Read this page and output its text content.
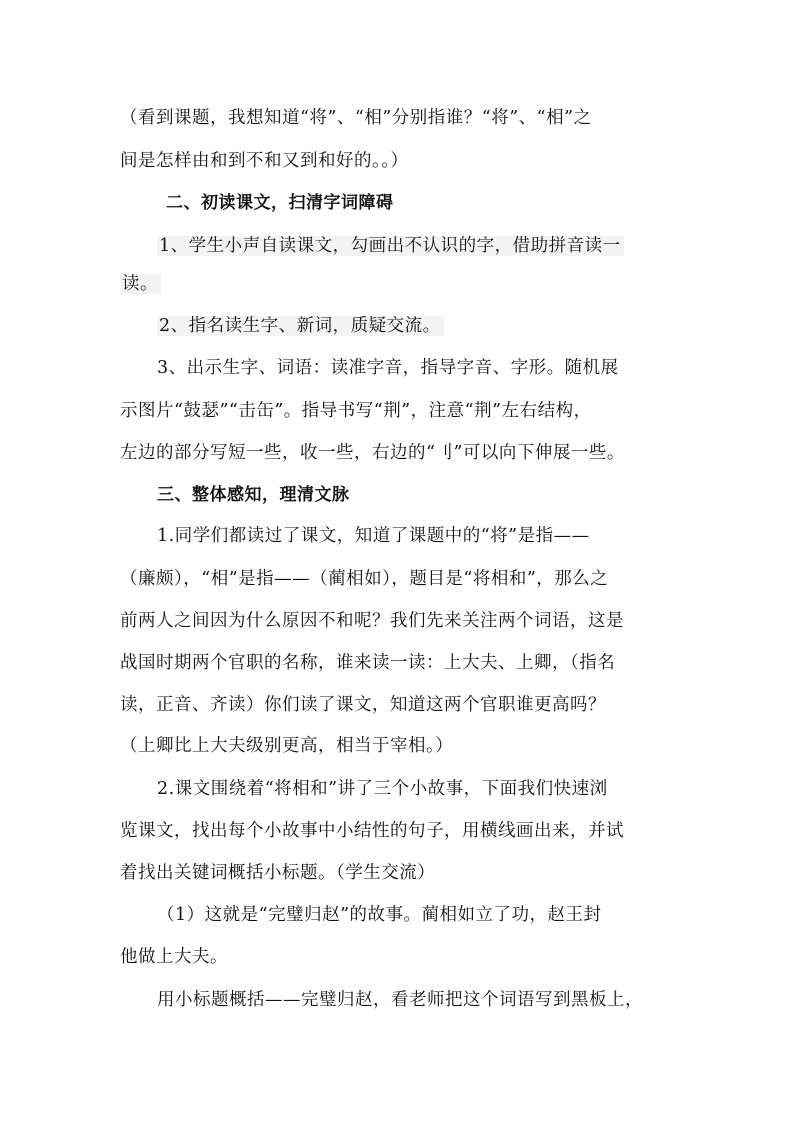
（看到课题，我想知道“将”、“相”分别指谁？“将”、“相”之
间是怎样由和到不和又到和好的。。）
二、初读课文，扫清字词障碍
1、学生小声自读课文，勾画出不认识的字，借助拼音读一
读。
2、指名读生字、新词，质疑交流。
3、出示生字、词语：读准字音，指导字音、字形。随机展
示图片“鼓瑟”“击缶”。指导书写“荆”，注意“荆”左右结构，
左边的部分写短一些，收一些，右边的“刂”可以向下伸展一些。
三、整体感知，理清文脉
1.同学们都读过了课文，知道了课题中的“将”是指——
（廉颇），“相”是指——（蔺相如），题目是“将相和”，那么之
前两人之间因为什么原因不和呢？我们先来关注两个词语，这是
战国时期两个官职的名称，谁来读一读：上大夫、上卿，（指名
读，正音、齐读）你们读了课文，知道这两个官职谁更高吗？
（上卿比上大夫级别更高，相当于宰相。）
2.课文围绕着“将相和”讲了三个小故事，下面我们快速浏
览课文，找出每个小故事中小结性的句子，用横线画出来，并试
着找出关键词概括小标题。（学生交流）
（1）这就是“完璧归赵”的故事。蔺相如立了功，赵王封
他做上大夫。
用小标题概括——完璧归赵，看老师把这个词语写到黑板上，
